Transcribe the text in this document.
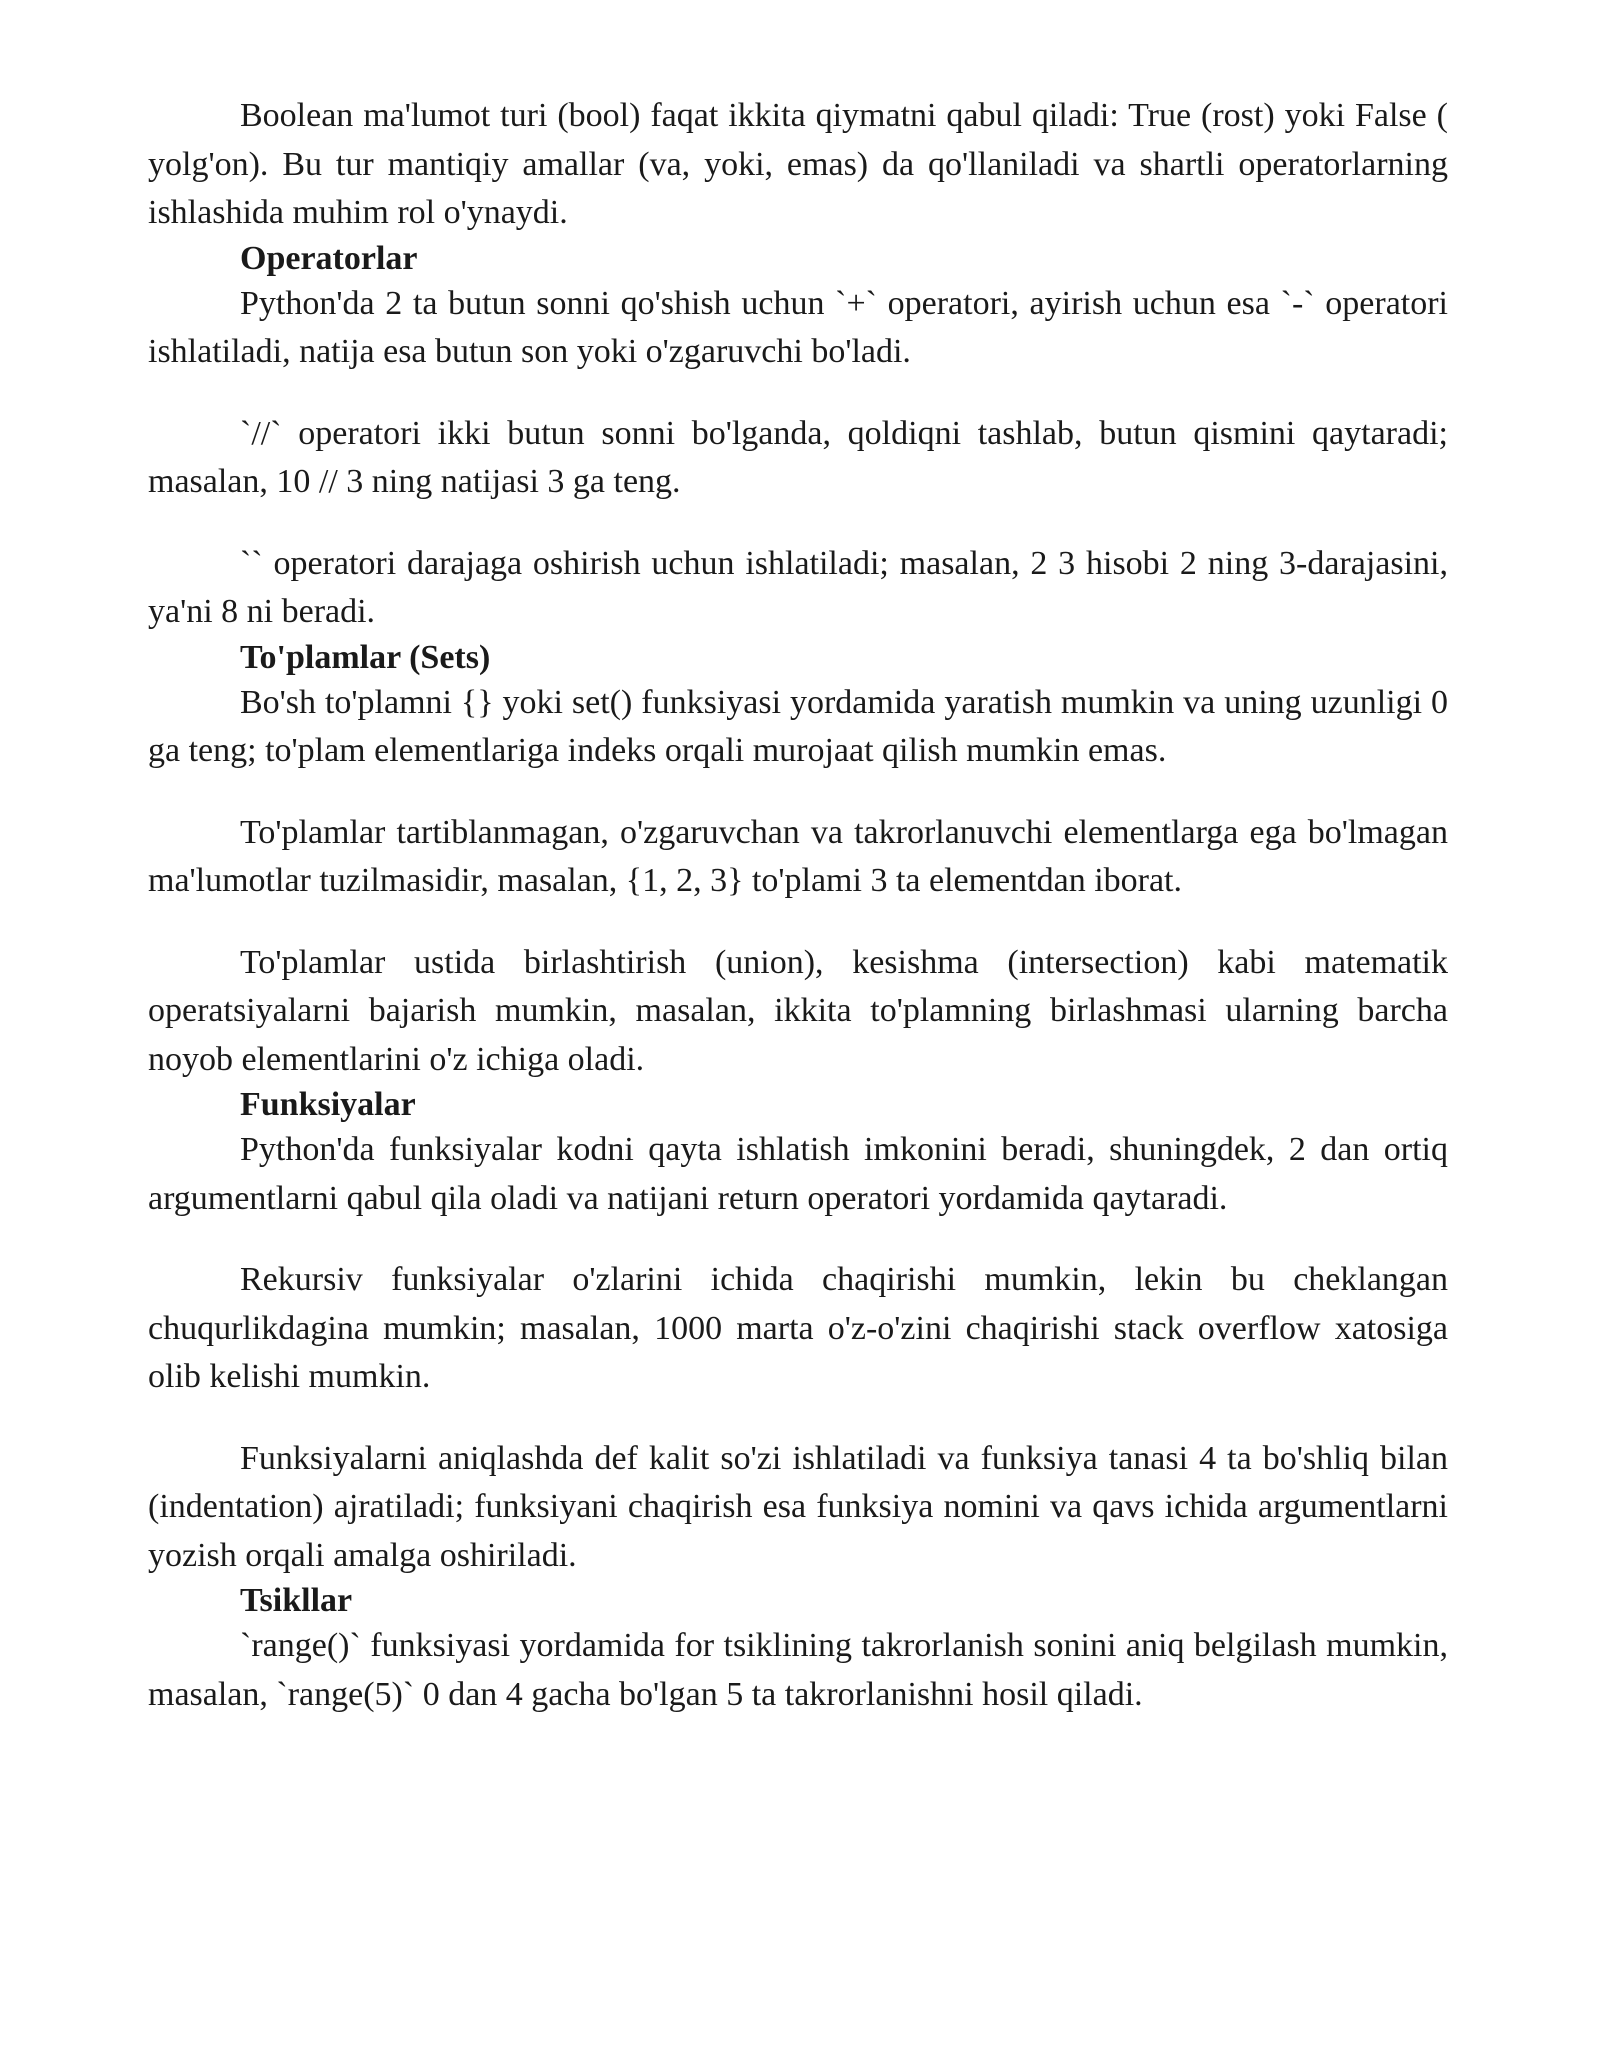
Boolean ma'lumot turi (bool) faqat ikkita qiymatni qabul qiladi: True (rost) yoki False ( yolg'on). Bu tur mantiqiy amallar (va, yoki, emas) da qo'llaniladi va shartli operatorlarning ishlashida muhim rol o'ynaydi.

Operatorlar

Python'da 2 ta butun sonni qo'shish uchun `+` operatori, ayirish uchun esa `-` operatori ishlatiladi, natija esa butun son yoki o'zgaruvchi bo'ladi.

`//` operatori ikki butun sonni bo'lganda, qoldiqni tashlab, butun qismini qaytaradi; masalan, 10 // 3 ning natijasi 3 ga teng.

`` operatori darajaga oshirish uchun ishlatiladi; masalan, 2 3 hisobi 2 ning 3-darajasini, ya'ni 8 ni beradi.

To'plamlar (Sets)

Bo'sh to'plamni {} yoki set() funksiyasi yordamida yaratish mumkin va uning uzunligi 0 ga teng; to'plam elementlariga indeks orqali murojaat qilish mumkin emas.

To'plamlar tartiblanmagan, o'zgaruvchan va takrorlanuvchi elementlarga ega bo'lmagan ma'lumotlar tuzilmasidir, masalan, {1, 2, 3} to'plami 3 ta elementdan iborat.

To'plamlar ustida birlashtirish (union), kesishma (intersection) kabi matematik operatsiyalarni bajarish mumkin, masalan, ikkita to'plamning birlashmasi ularning barcha noyob elementlarini o'z ichiga oladi.

Funksiyalar

Python'da funksiyalar kodni qayta ishlatish imkonini beradi, shuningdek, 2 dan ortiq argumentlarni qabul qila oladi va natijani return operatori yordamida qaytaradi.

Rekursiv funksiyalar o'zlarini ichida chaqirishi mumkin, lekin bu cheklangan chuqurlikdagina mumkin; masalan, 1000 marta o'z-o'zini chaqirishi stack overflow xatosiga olib kelishi mumkin.

Funksiyalarni aniqlashda def kalit so'zi ishlatiladi va funksiya tanasi 4 ta bo'shliq bilan (indentation) ajratiladi; funksiyani chaqirish esa funksiya nomini va qavs ichida argumentlarni yozish orqali amalga oshiriladi.

Tsikllar

`range()` funksiyasi yordamida for tsiklining takrorlanish sonini aniq belgilash mumkin, masalan, `range(5)` 0 dan 4 gacha bo'lgan 5 ta takrorlanishni hosil qiladi.
